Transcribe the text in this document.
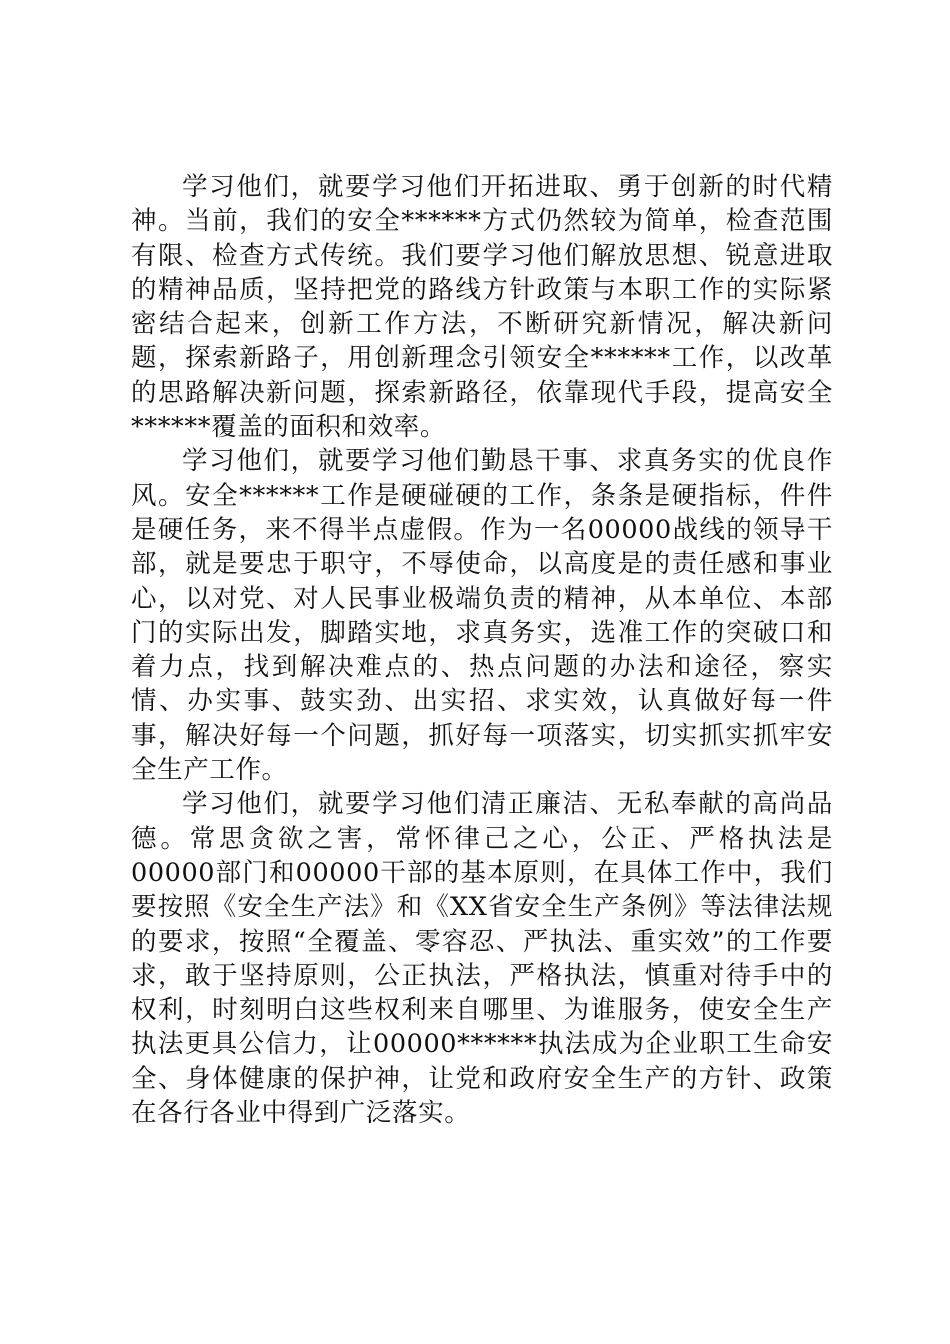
学习他们，就要学习他们开拓进取、勇于创新的时代精神。当前，我们的安全******方式仍然较为简单，检查范围有限、检查方式传统。我们要学习他们解放思想、锐意进取的精神品质，坚持把党的路线方针政策与本职工作的实际紧密结合起来，创新工作方法，不断研究新情况，解决新问题，探索新路子，用创新理念引领安全******工作，以改革的思路解决新问题，探索新路径，依靠现代手段，提高安全******覆盖的面积和效率。

学习他们，就要学习他们勤恳干事、求真务实的优良作风。安全******工作是硬碰硬的工作，条条是硬指标，件件是硬任务，来不得半点虚假。作为一名00000战线的领导干部，就是要忠于职守，不辱使命，以高度是的责任感和事业心，以对党、对人民事业极端负责的精神，从本单位、本部门的实际出发，脚踏实地，求真务实，选准工作的突破口和着力点，找到解决难点的、热点问题的办法和途径，察实情、办实事、鼓实劲、出实招、求实效，认真做好每一件事，解决好每一个问题，抓好每一项落实，切实抓实抓牢安全生产工作。

学习他们，就要学习他们清正廉洁、无私奉献的高尚品德。常思贪欲之害，常怀律己之心，公正、严格执法是00000部门和00000干部的基本原则，在具体工作中，我们要按照《安全生产法》和《XX省安全生产条例》等法律法规的要求，按照“全覆盖、零容忍、严执法、重实效”的工作要求，敢于坚持原则，公正执法，严格执法，慎重对待手中的权利，时刻明白这些权利来自哪里、为谁服务，使安全生产执法更具公信力，让00000******执法成为企业职工生命安全、身体健康的保护神，让党和政府安全生产的方针、政策在各行各业中得到广泛落实。
